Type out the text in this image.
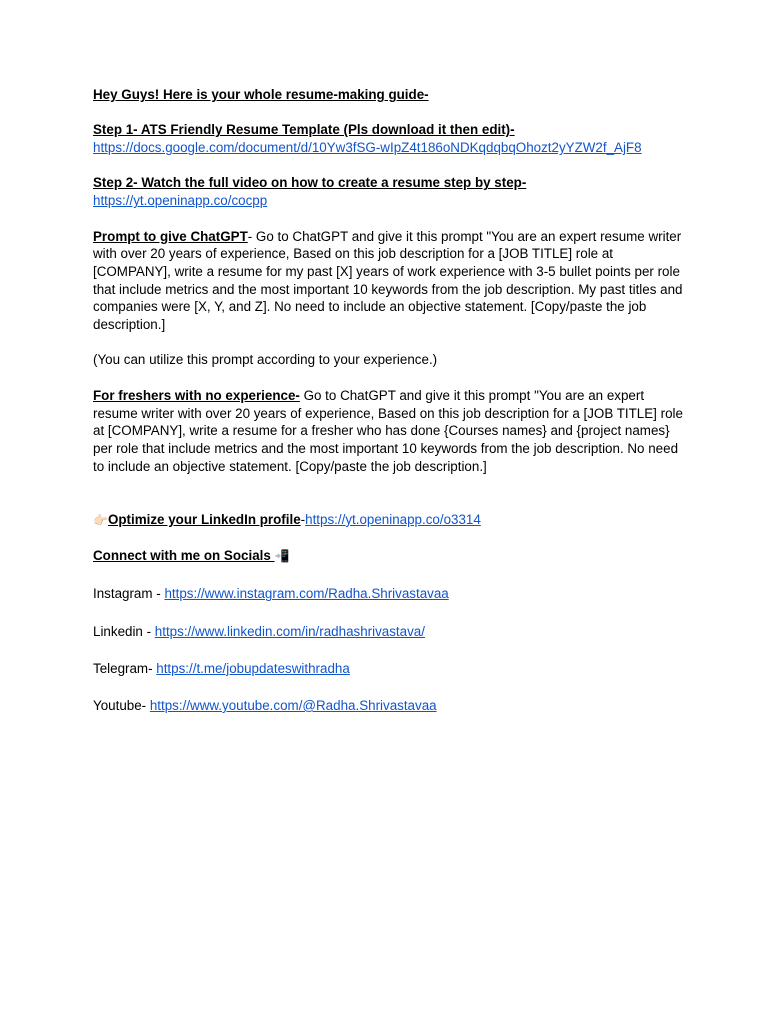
Hey Guys! Here is your whole resume-making guide-

Step 1- ATS Friendly Resume Template (Pls download it then edit)-

https://docs.google.com/document/d/10Yw3fSG-wIpZ4t186oNDKqdqbqOhozt2yYZW2f_AjF8

Step 2- Watch the full video on how to create a resume step by step-

https://yt.openinapp.co/cocpp

Prompt to give ChatGPT- Go to ChatGPT and give it this prompt "You are an expert resume writer with over 20 years of experience, Based on this job description for a [JOB TITLE] role at [COMPANY], write a resume for my past [X] years of work experience with 3-5 bullet points per role that include metrics and the most important 10 keywords from the job description. My past titles and companies were [X, Y, and Z]. No need to include an objective statement. [Copy/paste the job description.]

(You can utilize this prompt according to your experience.)

For freshers with no experience- Go to ChatGPT and give it this prompt "You are an expert resume writer with over 20 years of experience, Based on this job description for a [JOB TITLE] role at [COMPANY], write a resume for a fresher who has done {Courses names} and {project names} per role that include metrics and the most important 10 keywords from the job description. No need to include an objective statement. [Copy/paste the job description.]

👉🏻Optimize your LinkedIn profile-https://yt.openinapp.co/o3314

Connect with me on Socials 📲

Instagram - https://www.instagram.com/Radha.Shrivastavaa

Linkedin - https://www.linkedin.com/in/radhashrivastava/

Telegram- https://t.me/jobupdateswithradha

Youtube- https://www.youtube.com/@Radha.Shrivastavaa
